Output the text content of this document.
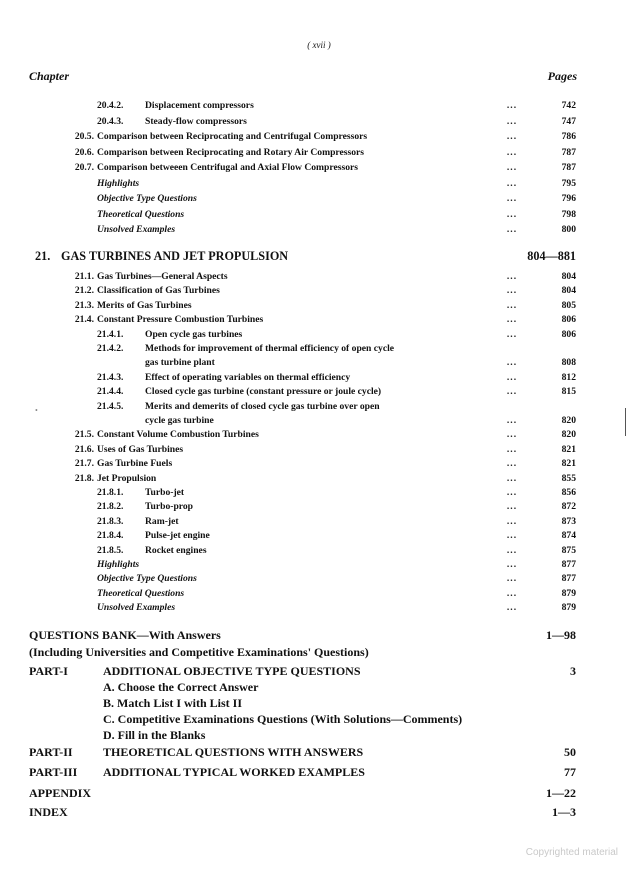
( xvii )
Chapter	Pages
20.4.2. Displacement compressors	...	742
20.4.3. Steady-flow compressors	...	747
20.5. Comparison between Reciprocating and Centrifugal Compressors	...	786
20.6. Comparison between Reciprocating and Rotary Air Compressors	...	787
20.7. Comparison betweeen Centrifugal and Axial Flow Compressors	...	787
Highlights	...	795
Objective Type Questions	...	796
Theoretical Questions	...	798
Unsolved Examples	...	800
21. GAS TURBINES AND JET PROPULSION	804—881
21.1. Gas Turbines—General Aspects	...	804
21.2. Classification of Gas Turbines	...	804
21.3. Merits of Gas Turbines	...	805
21.4. Constant Pressure Combustion Turbines	...	806
21.4.1. Open cycle gas turbines	...	806
21.4.2. Methods for improvement of thermal efficiency of open cycle
gas turbine plant	...	808
21.4.3. Effect of operating variables on thermal efficiency	...	812
21.4.4. Closed cycle gas turbine (constant pressure or joule cycle)	...	815
21.4.5. Merits and demerits of closed cycle gas turbine over open
cycle gas turbine	...	820
21.5. Constant Volume Combustion Turbines	...	820
21.6. Uses of Gas Turbines	...	821
21.7. Gas Turbine Fuels	...	821
21.8. Jet Propulsion	...	855
21.8.1. Turbo-jet	...	856
21.8.2. Turbo-prop	...	872
21.8.3. Ram-jet	...	873
21.8.4. Pulse-jet engine	...	874
21.8.5. Rocket engines	...	875
Highlights	...	877
Objective Type Questions	...	877
Theoretical Questions	...	879
Unsolved Examples	...	879
QUESTIONS BANK—With Answers	1—98
(Including Universities and Competitive Examinations' Questions)
PART-I	ADDITIONAL OBJECTIVE TYPE QUESTIONS	3
A. Choose the Correct Answer
B. Match List I with List II
C. Competitive Examinations Questions (With Solutions—Comments)
D. Fill in the Blanks
PART-II	THEORETICAL QUESTIONS WITH ANSWERS	50
PART-III ADDITIONAL TYPICAL WORKED EXAMPLES	77
APPENDIX	1—22
INDEX	1—3
•
Copyrighted material
